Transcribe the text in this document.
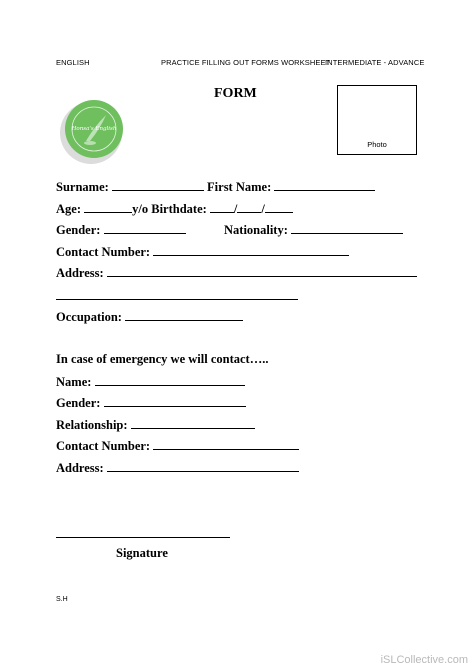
ENGLISH	PRACTICE FILLING OUT FORMS WORKSHEET
INTERMEDIATE - ADVANCE
FORM
Photo
Honsa's English
Surname:	First Name:
Age:	y/o Birthdate: / /
Gender:	Nationality:
Contact Number:
Address:
Occupation:
In case of emergency we will contact…..
Name:
Gender:
Relationship:
Contact Number:
Address:
Signature
S.H
iSLCollective.com
